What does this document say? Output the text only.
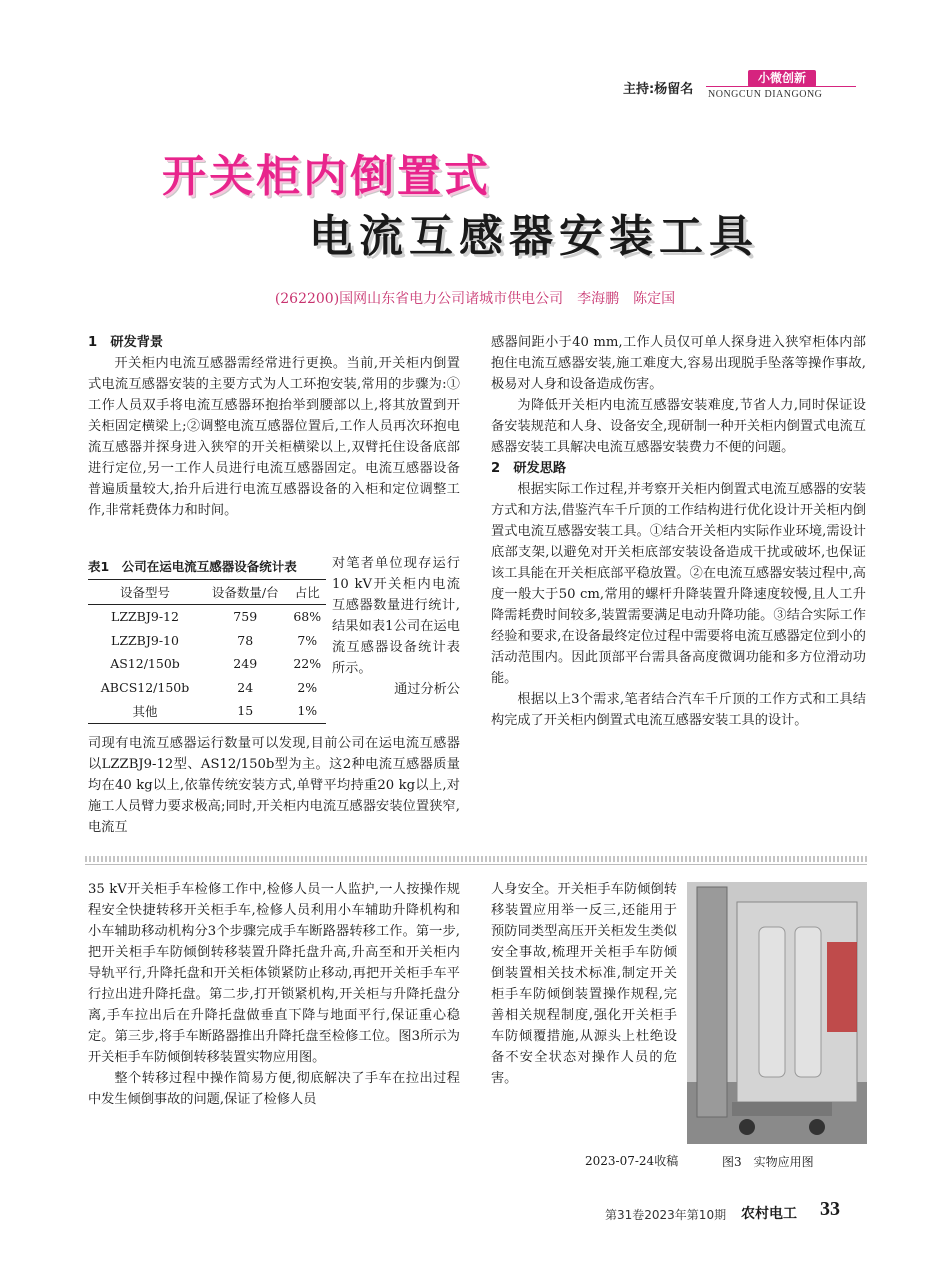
主持:杨留名
小微创新
NONGCUN DIANGONG
开关柜内倒置式
电流互感器安装工具
(262200)国网山东省电力公司诸城市供电公司　李海鹏　陈定国

1　研发背景

开关柜内电流互感器需经常进行更换。当前,开关柜内倒置式电流互感器安装的主要方式为人工环抱安装,常用的步骤为:①工作人员双手将电流互感器环抱抬举到腰部以上,将其放置到开关柜固定横梁上;②调整电流互感器位置后,工作人员再次环抱电流互感器并探身进入狭窄的开关柜横梁以上,双臂托住设备底部进行定位,另一工作人员进行电流互感器固定。电流互感器设备普遍质量较大,抬升后进行电流互感器设备的入柜和定位调整工作,非常耗费体力和时间。

表1　公司在运电流互感器设备统计表
设备型号	设备数量/台	占比
LZZBJ9-12	759	68%
LZZBJ9-10	78	7%
AS12/150b	249	22%
ABCS12/150b	24	2%
其他	15	1%

对笔者单位现存运行10 kV开关柜内电流互感器数量进行统计,结果如表1公司在运电流互感器设备统计表所示。

通过分析公

司现有电流互感器运行数量可以发现,目前公司在运电流互感器以LZZBJ9-12型、AS12/150b型为主。这2种电流互感器质量均在40 kg以上,依靠传统安装方式,单臂平均持重20 kg以上,对施工人员臂力要求极高;同时,开关柜内电流互感器安装位置狭窄,电流互

感器间距小于40 mm,工作人员仅可单人探身进入狭窄柜体内部抱住电流互感器安装,施工难度大,容易出现脱手坠落等操作事故,极易对人身和设备造成伤害。

为降低开关柜内电流互感器安装难度,节省人力,同时保证设备安装规范和人身、设备安全,现研制一种开关柜内倒置式电流互感器安装工具解决电流互感器安装费力不便的问题。

2　研发思路

根据实际工作过程,并考察开关柜内倒置式电流互感器的安装方式和方法,借鉴汽车千斤顶的工作结构进行优化设计开关柜内倒置式电流互感器安装工具。①结合开关柜内实际作业环境,需设计底部支架,以避免对开关柜底部安装设备造成干扰或破坏,也保证该工具能在开关柜底部平稳放置。②在电流互感器安装过程中,高度一般大于50 cm,常用的螺杆升降装置升降速度较慢,且人工升降需耗费时间较多,装置需要满足电动升降功能。③结合实际工作经验和要求,在设备最终定位过程中需要将电流互感器定位到小的活动范围内。因此顶部平台需具备高度微调功能和多方位滑动功能。

根据以上3个需求,笔者结合汽车千斤顶的工作方式和工具结构完成了开关柜内倒置式电流互感器安装工具的设计。

35 kV开关柜手车检修工作中,检修人员一人监护,一人按操作规程安全快捷转移开关柜手车,检修人员利用小车辅助升降机构和小车辅助移动机构分3个步骤完成手车断路器转移工作。第一步,把开关柜手车防倾倒转移装置升降托盘升高,升高至和开关柜内导轨平行,升降托盘和开关柜体锁紧防止移动,再把开关柜手车平行拉出进升降托盘。第二步,打开锁紧机构,开关柜与升降托盘分离,手车拉出后在升降托盘做垂直下降与地面平行,保证重心稳定。第三步,将手车断路器推出升降托盘至检修工位。图3所示为开关柜手车防倾倒转移装置实物应用图。

整个转移过程中操作简易方便,彻底解决了手车在拉出过程中发生倾倒事故的问题,保证了检修人员

人身安全。开关柜手车防倾倒转移装置应用举一反三,还能用于预防同类型高压开关柜发生类似安全事故,梳理开关柜手车防倾倒装置相关技术标准,制定开关柜手车防倾倒装置操作规程,完善相关规程制度,强化开关柜手车防倾覆措施,从源头上杜绝设备不安全状态对操作人员的危害。

2023-07-24收稿	图3　实物应用图
第31卷2023年第10期 农村电工 33
